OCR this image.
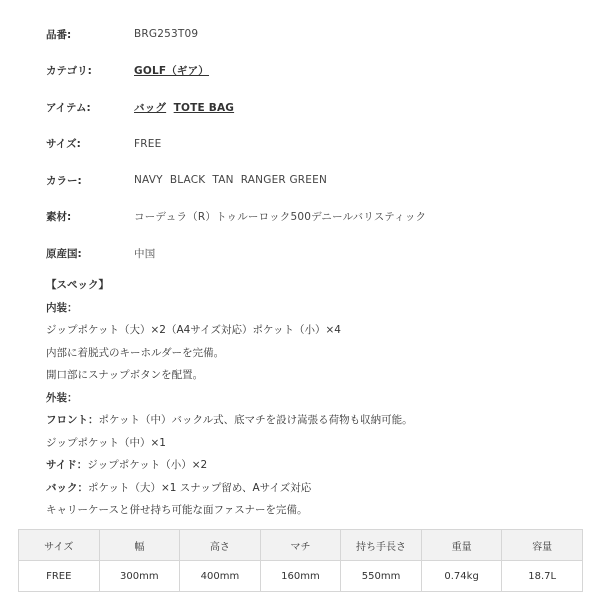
品番:	BRG253T09
カテゴリ:	GOLF（ギア）
アイテム:	バッグ TOTE BAG
サイズ:	FREE
カラー:	NAVY  BLACK  TAN  RANGER GREEN
素材:	コーデュラ（R）トゥルーロック500デニールバリスティック
原産国:	中国
【スペック】
内装：
ジップポケット（大）×2（A4サイズ対応）ポケット（小）×4
内部に着脱式のキーホルダーを完備。
開口部にスナップボタンを配置。
外装：
フロント：ポケット（中）バックル式、底マチを設け嵩張る荷物も収納可能。
ジップポケット（中）×1
サイド：ジップポケット（小）×2
バック：ポケット（大）×1 スナップ留め、Aサイズ対応
キャリーケースと併せ持ち可能な面ファスナーを完備。
サイズ	幅	高さ	マチ	持ち手長さ	重量	容量
FREE	300mm	400mm	160mm	550mm	0.74kg	18.7L
